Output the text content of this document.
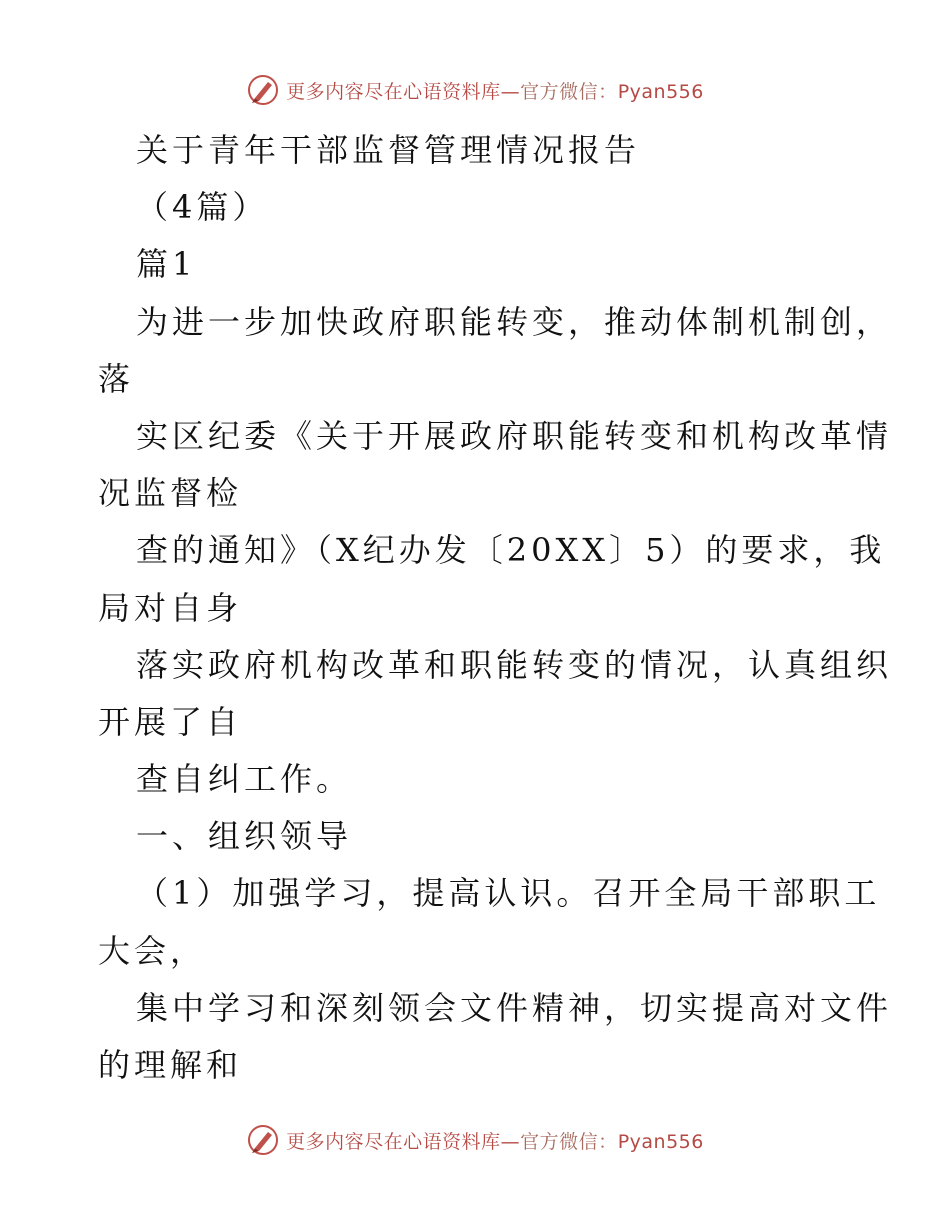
更多内容尽在心语资料库—官方微信：Pyan556
关于青年干部监督管理情况报告
（4篇）
篇1
为进一步加快政府职能转变，推动体制机制创，
落
实区纪委《关于开展政府职能转变和机构改革情
况监督检
查的通知》（X纪办发〔20XX〕5）的要求，我
局对自身
落实政府机构改革和职能转变的情况，认真组织
开展了自
查自纠工作。
一、组织领导
（1）加强学习，提高认识。召开全局干部职工
大会，
集中学习和深刻领会文件精神，切实提高对文件
的理解和
更多内容尽在心语资料库—官方微信：Pyan556
